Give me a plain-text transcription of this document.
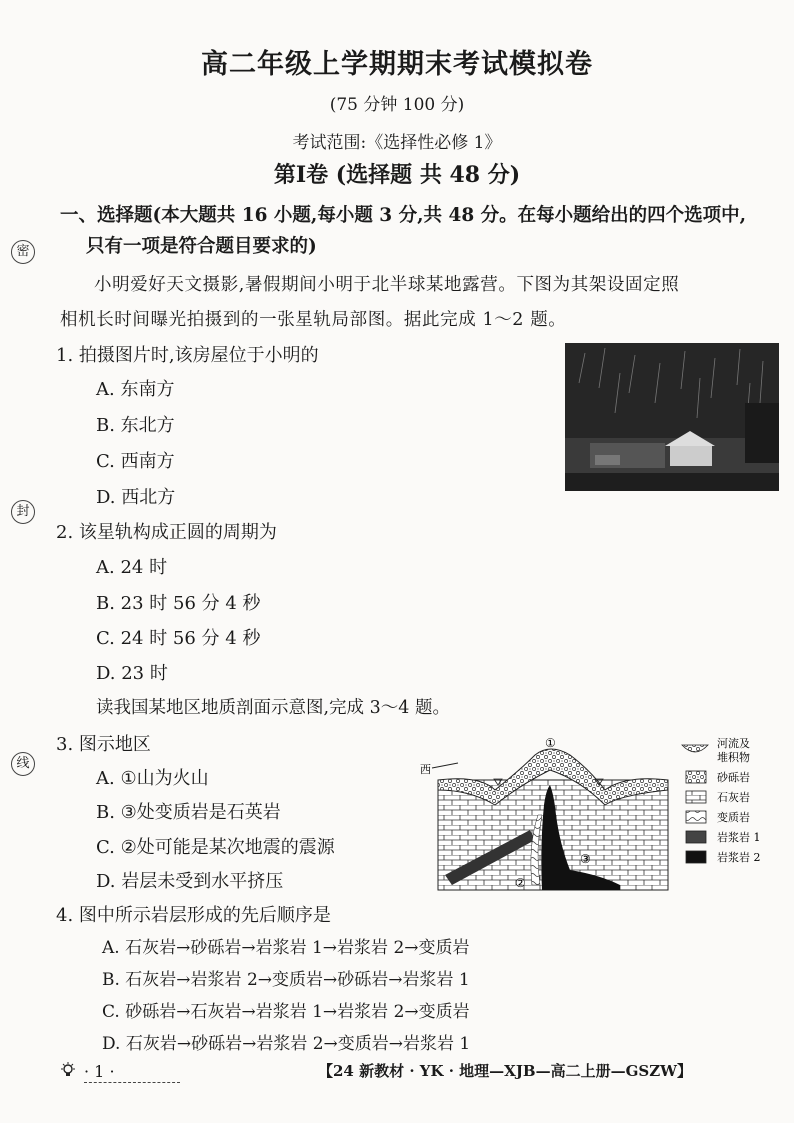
密
封
线
高二年级上学期期末考试模拟卷
(75 分钟 100 分)
考试范围:《选择性必修 1》
第Ⅰ卷 (选择题 共 48 分)
一、选择题(本大题共 16 小题,每小题 3 分,共 48 分。在每小题给出的四个选项中,
只有一项是符合题目要求的)
小明爱好天文摄影,暑假期间小明于北半球某地露营。下图为其架设固定照
相机长时间曝光拍摄到的一张星轨局部图。据此完成 1～2 题。
1. 拍摄图片时,该房屋位于小明的
A. 东南方
B. 东北方
C. 西南方
D. 西北方
2. 该星轨构成正圆的周期为
A. 24 时
B. 23 时 56 分 4 秒
C. 24 时 56 分 4 秒
D. 23 时
读我国某地区地质剖面示意图,完成 3～4 题。
3. 图示地区
A. ①山为火山
B. ③处变质岩是石英岩
C. ②处可能是某次地震的震源
D. 岩层未受到水平挤压
西
①
②
③
河流及
堆积物
砂砾岩
石灰岩
变质岩
岩浆岩 1
岩浆岩 2
4. 图中所示岩层形成的先后顺序是
A. 石灰岩→砂砾岩→岩浆岩 1→岩浆岩 2→变质岩
B. 石灰岩→岩浆岩 2→变质岩→砂砾岩→岩浆岩 1
C. 砂砾岩→石灰岩→岩浆岩 1→岩浆岩 2→变质岩
D. 石灰岩→砂砾岩→岩浆岩 2→变质岩→岩浆岩 1
· 1 ·	【24 新教材 · YK · 地理—XJB—高二上册—GSZW】
